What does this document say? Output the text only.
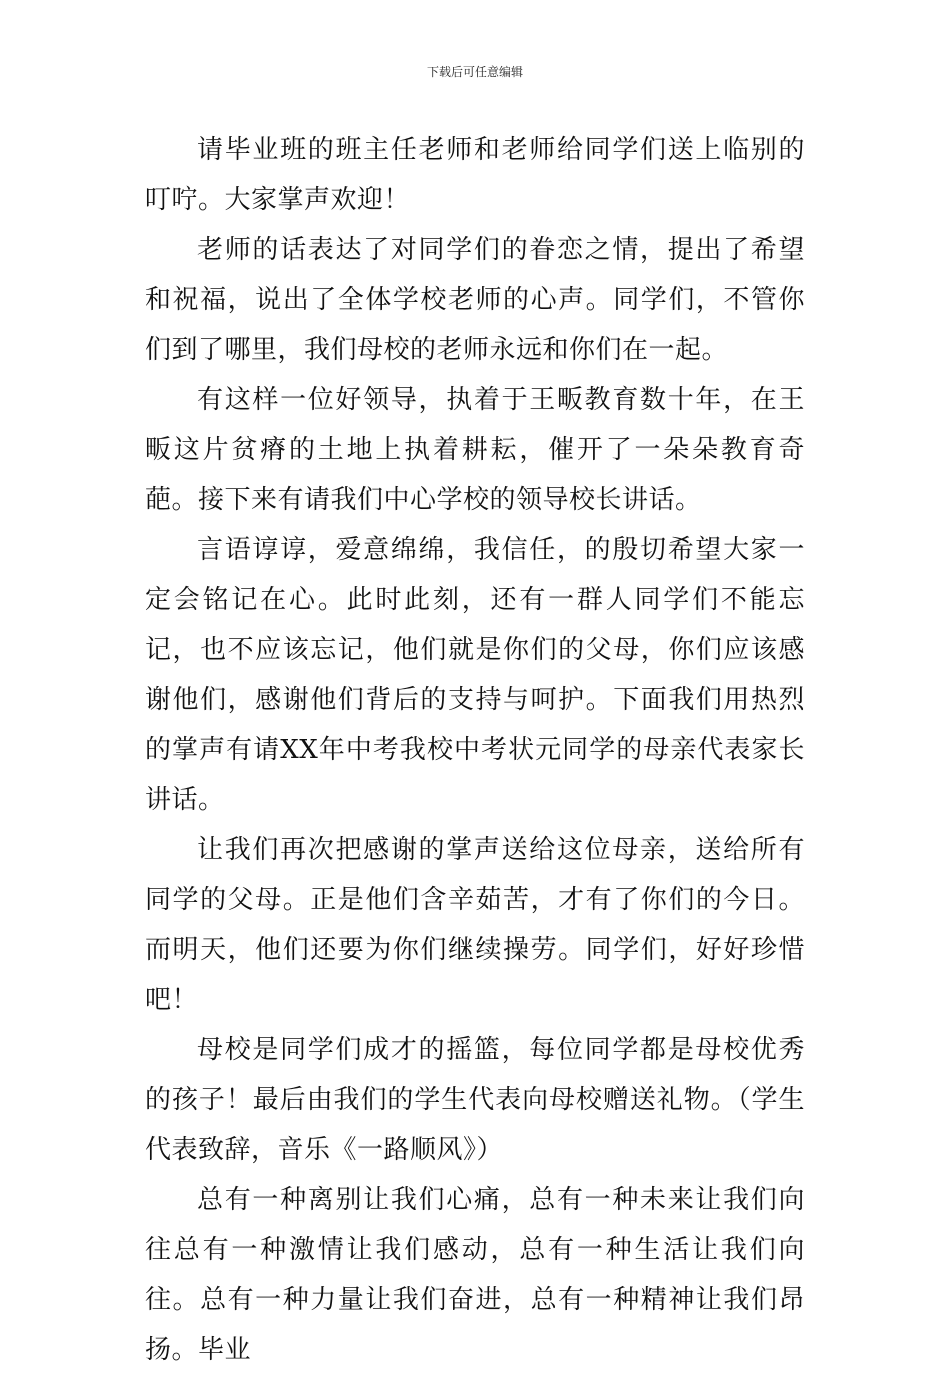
下载后可任意编辑

请毕业班的班主任老师和老师给同学们送上临别的叮咛。大家掌声欢迎！

老师的话表达了对同学们的眷恋之情，提出了希望和祝福，说出了全体学校老师的心声。同学们，不管你们到了哪里，我们母校的老师永远和你们在一起。

有这样一位好领导，执着于王畈教育数十年，在王畈这片贫瘠的土地上执着耕耘，催开了一朵朵教育奇葩。接下来有请我们中心学校的领导校长讲话。

言语谆谆，爱意绵绵，我信任，的殷切希望大家一定会铭记在心。此时此刻，还有一群人同学们不能忘记，也不应该忘记，他们就是你们的父母，你们应该感谢他们，感谢他们背后的支持与呵护。下面我们用热烈的掌声有请XX年中考我校中考状元同学的母亲代表家长讲话。

让我们再次把感谢的掌声送给这位母亲，送给所有同学的父母。正是他们含辛茹苦，才有了你们的今日。而明天，他们还要为你们继续操劳。同学们，好好珍惜吧！

母校是同学们成才的摇篮，每位同学都是母校优秀的孩子！最后由我们的学生代表向母校赠送礼物。（学生代表致辞，音乐《一路顺风》）

总有一种离别让我们心痛，总有一种未来让我们向往总有一种激情让我们感动，总有一种生活让我们向往。总有一种力量让我们奋进，总有一种精神让我们昂扬。毕业
